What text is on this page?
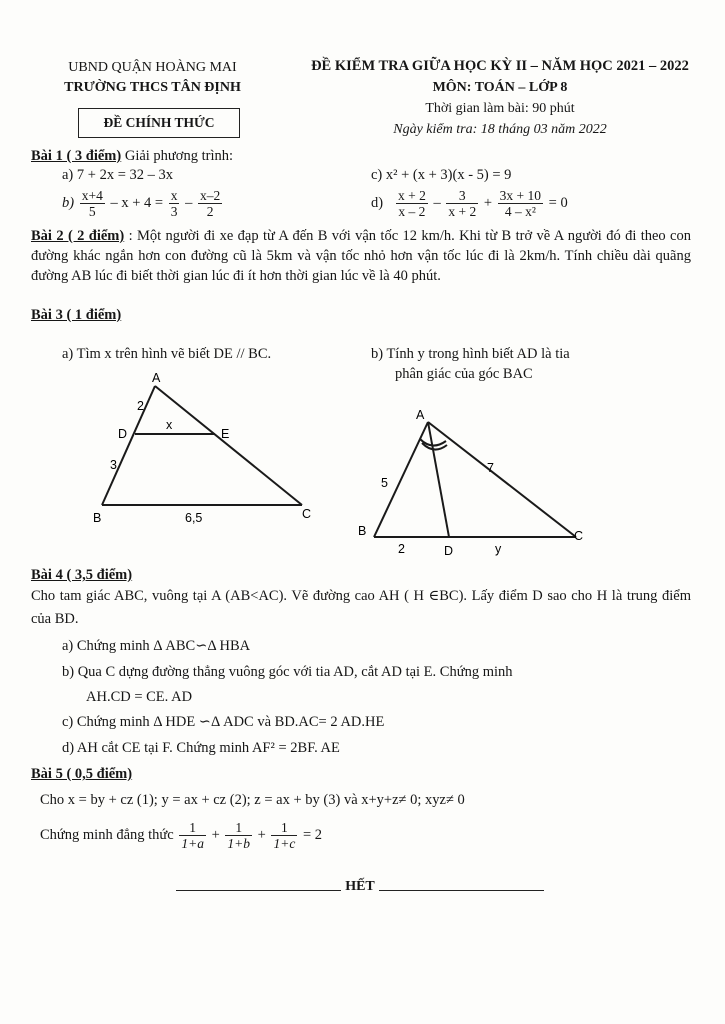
UBND QUẬN HOÀNG MAI
TRƯỜNG THCS TÂN ĐỊNH
ĐỀ CHÍNH THỨC
ĐỀ KIỂM TRA GIỮA HỌC KỲ II – NĂM HỌC 2021 – 2022
MÔN: TOÁN – LỚP 8
Thời gian làm bài: 90 phút
Ngày kiểm tra: 18 tháng 03 năm 2022
Bài 1 ( 3 điểm) Giải phương trình:
a) 7 + 2x = 32 – 3x
$b) \frac{x+4}{5} - x + 4 = \frac{x}{3} - \frac{x-2}{2}$
c) x² + (x + 3)(x - 5) = 9
$d) \frac{x + 2}{x - 2} - \frac{3}{x + 2} + \frac{3x + 10}{\text{4 – x²}} = 0$
Bài 2 ( 2 điểm) : Một người đi xe đạp từ A đến B với vận tốc 12 km/h. Khi từ B trở về A người đó đi theo con đường khác ngắn hơn con đường cũ là 5km và vận tốc nhỏ hơn vận tốc lúc đi là 2km/h. Tính chiều dài quãng đường AB lúc đi biết thời gian lúc đi ít hơn thời gian lúc về là 40 phút.
Bài 3 ( 1 điểm)
a) Tìm x trên hình vẽ biết DE // BC.	b) Tính y trong hình biết AD là tia
phân giác của góc BAC
A
D	E
B	C
2
3
x
6,5
A
B	C
D
5
7
2	y
Bài 4 ( 3,5 điểm)
Cho tam giác ABC, vuông tại A (AB<AC). Vẽ đường cao AH ( H ∈BC). Lấy điểm D sao cho H là trung điểm của BD.
a) Chứng minh Δ ABC∽Δ HBA
b) Qua C dựng đường thẳng vuông góc với tia AD, cắt AD tại E. Chứng minh
AH.CD = CE. AD
c) Chứng minh Δ HDE ∽Δ ADC và BD.AC= 2 AD.HE
d) AH cắt CE tại F. Chứng minh AF² = 2BF. AE
Bài 5 ( 0,5 điểm)
Cho x = by + cz (1); y = ax + cz (2); z = ax + by (3) và x+y+z≠ 0; xyz≠ 0
Chứng minh đẳng thức $\frac{1}{1+a} + \frac{1}{1+b} + \frac{1}{1+c} = 2$
HẾT
